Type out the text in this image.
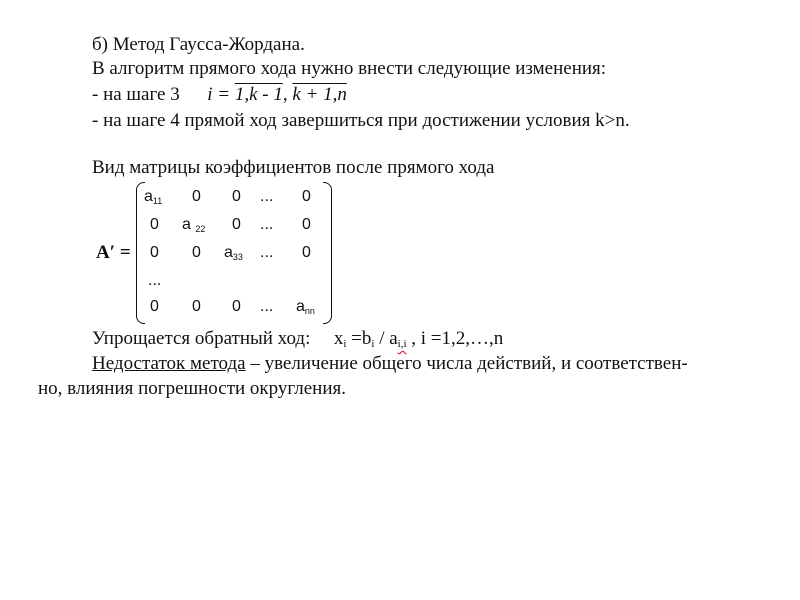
б) Метод Гаусса-Жордана.
В алгоритм прямого хода нужно внести следующие изменения:
- на шаге 3 i = 1,k - 1, k + 1,n
- на шаге 4 прямой ход завершиться при достижении условия k>n.
Вид матрицы коэффициентов после прямого хода
A′ =
$a_{11}$ 0 0 ... 0
0 a $_{22}$ 0 ... 0
0 0 $a_{33}$ ... 0
...
0 0 0 ... $a_{nn}$
Упрощается обратный ход: $x_i =b_i / a_{i,i}$ , i =1,2,…,n
Недостаток метода – увеличение общего числа действий, и соответствен-
но, влияния погрешности округления.
